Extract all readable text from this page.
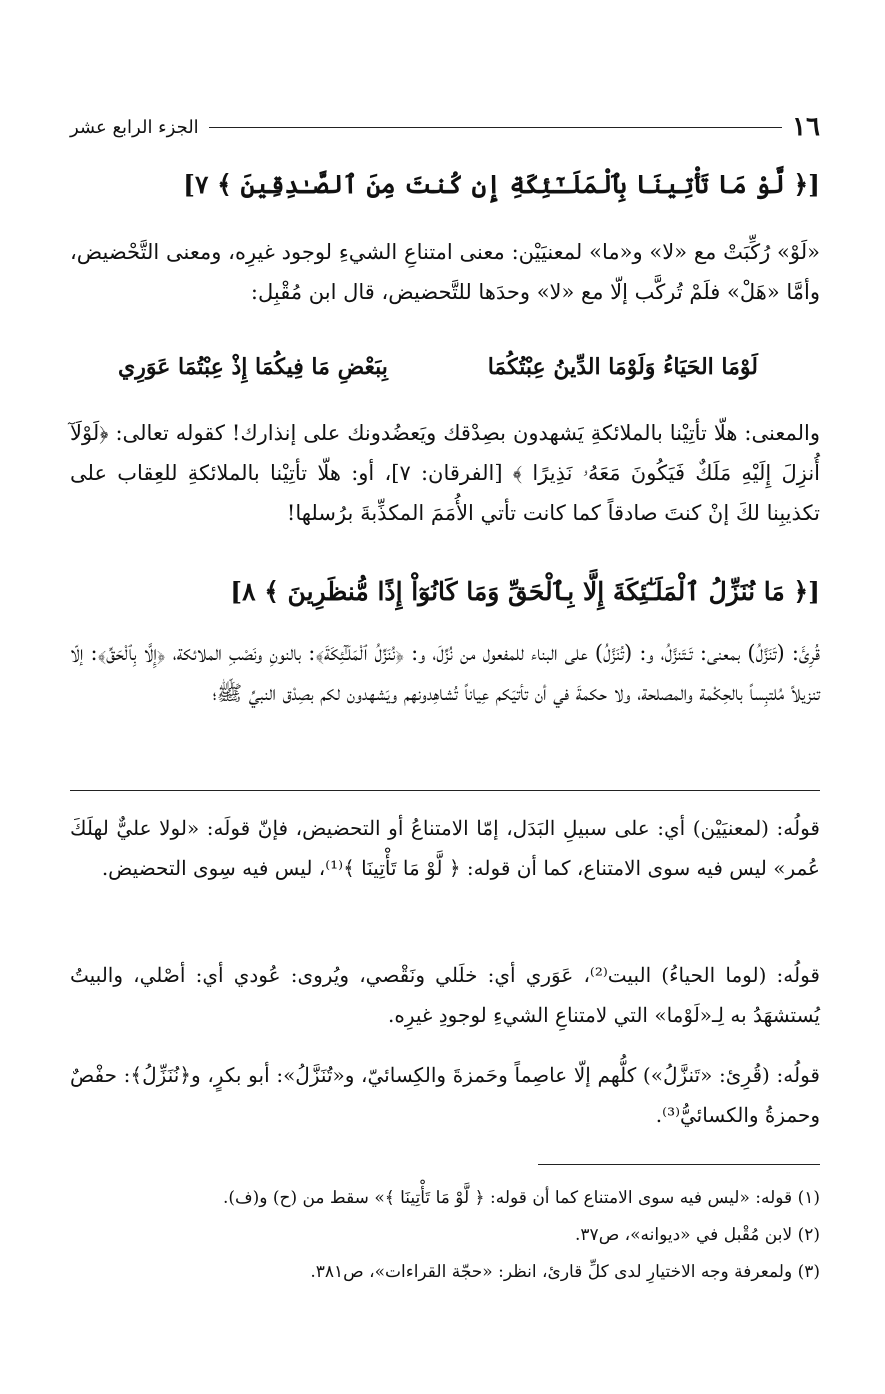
١٦
الجزء الرابع عشر
[﴿ لَّوْ مَا تَأْتِينَا بِٱلْمَلَـٰٓئِكَةِ إِن كُنتَ مِنَ ٱلصَّـٰدِقِينَ ﴾ ٧]
«لَوْ» رُكِّبَتْ مع «لا» و«ما» لمعنيَيْن: معنى امتناعِ الشيءِ لوجود غيرِه، ومعنى التَّحْضيض، وأمَّا «هَلْ» فلَمْ تُركَّب إلّا مع «لا» وحدَها للتَّحضيض، قال ابن مُقْبِل:
لَوْمَا الحَيَاءُ وَلَوْمَا الدِّينُ عِبْتُكُمَا
بِبَعْضِ مَا فِيكُمَا إِذْ عِبْتُمَا عَوَرِي
والمعنى: هلّا تأتِيْنا بالملائكةِ يَشهدون بصِدْقك ويَعضُدونك على إنذارك! كقوله تعالى: ﴿لَوْلَآ أُنزِلَ إِلَيْهِ مَلَكٌ فَيَكُونَ مَعَهُۥ نَذِيرًا ﴾ [الفرقان: ٧]، أو: هلّا تأتِيْنا بالملائكةِ للعِقاب على تكذيبِنا لكَ إنْ كنتَ صادقاً كما كانت تأتي الأُمَمَ المكذِّبةَ برُسلها!
[﴿ مَا نُنَزِّلُ ٱلْمَلَـٰٓئِكَةَ إِلَّا بِٱلْحَقِّ وَمَا كَانُوٓاْ إِذًا مُّنظَرِينَ ﴾ ٨]
قُرِئَ: (تَنَزَّلُ) بمعنى: تَـتَنزَّلُ، و: (تُنَزَّلُ) على البناء للمفعول من نُزِّلَ، و: ﴿نُنَزِّلُ ٱلْمَلَـٰٓئِكَةَ﴾: بالنونِ ونَصْبِ الملائكة، ﴿إِلَّا بِٱلْحَقِّ﴾: إلّا تنزيلاً مُلتبِساً بالحِكْمة والمصلحة، ولا حكمةَ في أن تأتيَكم عِياناً تُشاهِدونهم ويَشهدون لكم بصِدْق النبيِّ ﷺ؛
قولُه: (لمعنيَيْن) أي: على سبيلِ البَدَل، إمّا الامتناعُ أو التحضيض، فإنّ قولَه: «لولا عليٌّ لهلَكَ عُمر» ليس فيه سوى الامتناع، كما أن قوله: ﴿ لَّوْ مَا تَأْتِينَا ﴾⁽¹⁾، ليس فيه سِوى التحضيض.
قولُه: (لوما الحياءُ) البيت⁽²⁾، عَوَري أي: خلَلي ونَقْصي، ويُروى: عُودي أي: أصْلي، والبيتُ يُستشهَدُ به لِـ«لَوْما» التي لامتناعِ الشيءِ لوجودِ غيرِه.
قولُه: (قُرِئ: «تَنزَّلُ») كلُّهم إلّا عاصِماً وحَمزةَ والكِسائيّ، و«تُنَزَّلُ»: أبو بكرٍ، و﴿نُنَزِّلُ﴾: حفْصٌ وحمزةُ والكسائيُّ⁽³⁾.
(١) قوله: «ليس فيه سوى الامتناع كما أن قوله: ﴿ لَّوْ مَا تَأْتِينَا ﴾» سقط من (ح) و(ف).
(٢) لابن مُقْبل في «ديوانه»، ص٣٧.
(٣) ولمعرفة وجه الاختيارِ لدى كلِّ قارئ، انظر: «حجّة القراءات»، ص٣٨١.
